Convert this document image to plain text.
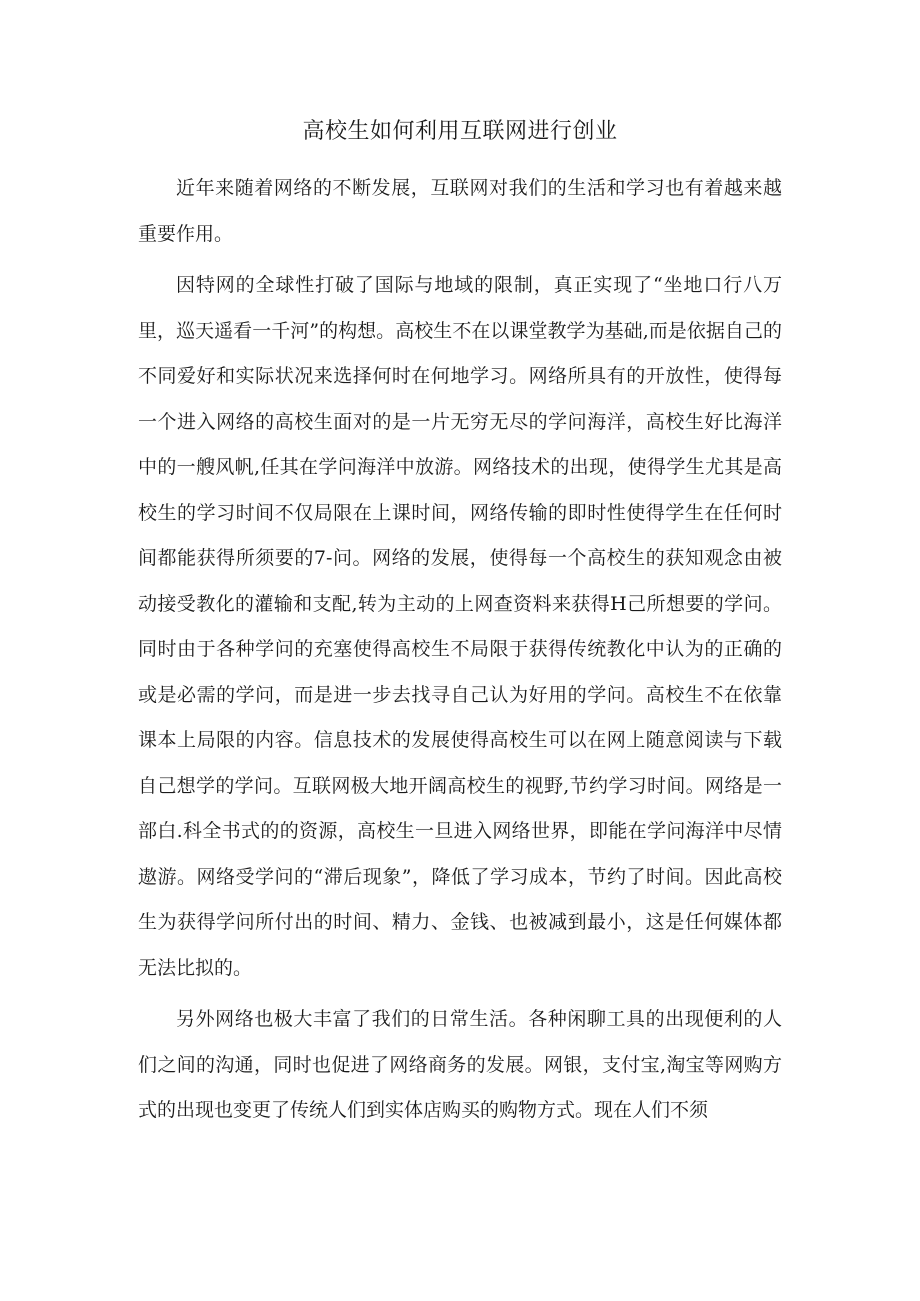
高校生如何利用互联网进行创业

近年来随着网络的不断发展，互联网对我们的生活和学习也有着越来越重要作用。

因特网的全球性打破了国际与地域的限制，真正实现了“坐地口行八万里，巡天遥看一千河”的构想。高校生不在以课堂教学为基础,而是依据自己的不同爱好和实际状况来选择何时在何地学习。网络所具有的开放性，使得每一个进入网络的高校生面对的是一片无穷无尽的学问海洋，高校生好比海洋中的一艘风帆,任其在学问海洋中放游。网络技术的出现，使得学生尤其是高校生的学习时间不仅局限在上课时间，网络传输的即时性使得学生在任何时间都能获得所须要的7-问。网络的发展，使得每一个高校生的获知观念由被动接受教化的灌输和支配,转为主动的上网查资料来获得H己所想要的学问。同时由于各种学问的充塞使得高校生不局限于获得传统教化中认为的正确的或是必需的学问，而是进一步去找寻自己认为好用的学问。高校生不在依靠课本上局限的内容。信息技术的发展使得高校生可以在网上随意阅读与下载自己想学的学问。互联网极大地开阔高校生的视野,节约学习时间。网络是一部白.科全书式的的资源，高校生一旦进入网络世界，即能在学问海洋中尽情遨游。网络受学问的“滞后现象”，降低了学习成本，节约了时间。因此高校生为获得学问所付出的时间、精力、金钱、也被减到最小，这是任何媒体都无法比拟的。

另外网络也极大丰富了我们的日常生活。各种闲聊工具的出现便利的人们之间的沟通，同时也促进了网络商务的发展。网银，支付宝,淘宝等网购方式的出现也变更了传统人们到实体店购买的购物方式。现在人们不须
